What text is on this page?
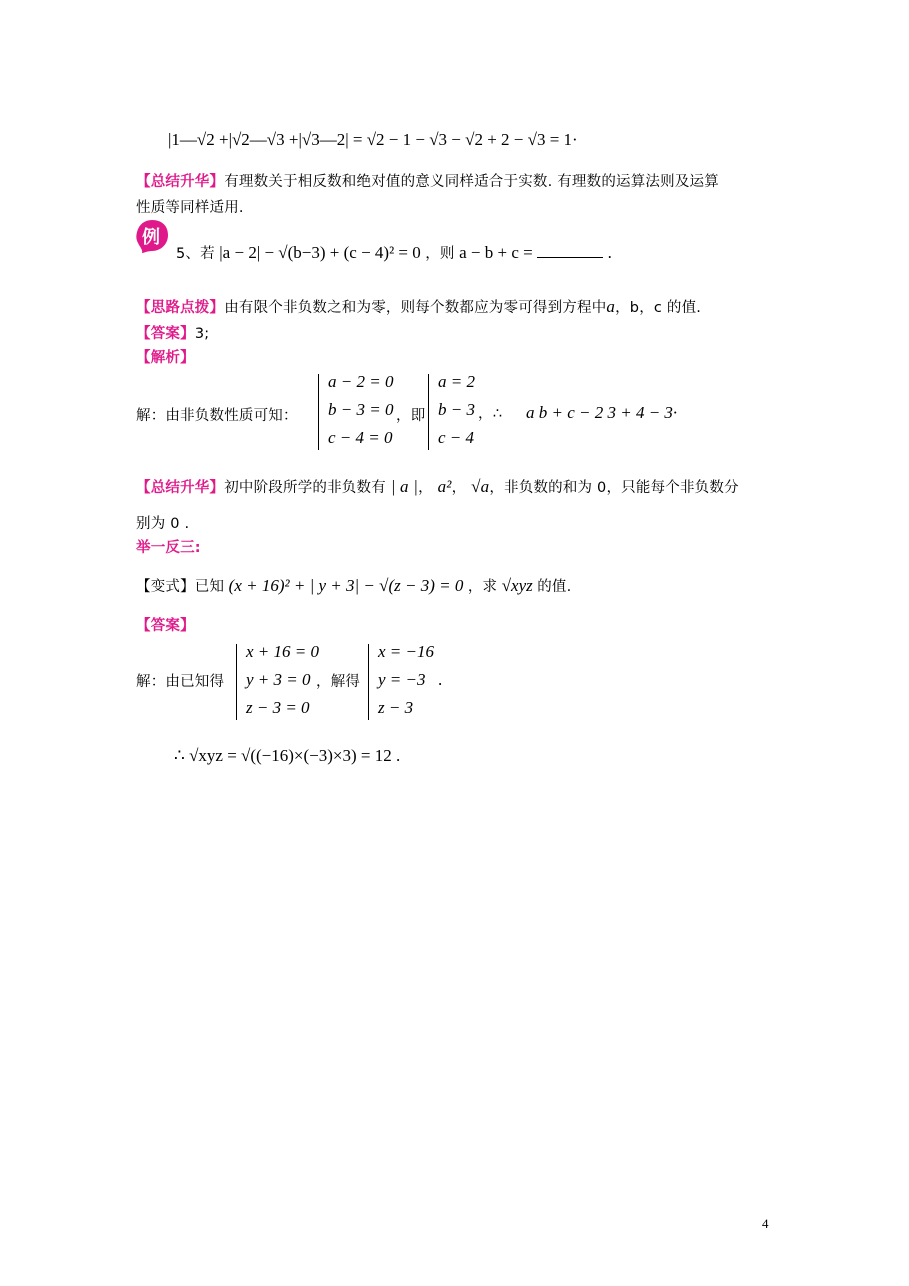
|1—√2 +|√2—√3 +|√3—2| = √2 − 1 − √3 − √2 + 2 − √3 = 1·
【总结升华】有理数关于相反数和绝对值的意义同样适合于实数. 有理数的运算法则及运算
性质等同样适用.
例
5、若 |a − 2| − √(b−3) + (c − 4)² = 0 ，则 a − b + c =	.
【思路点拨】由有限个非负数之和为零，则每个数都应为零可得到方程中a，b，c 的值.
【答案】3;
【解析】
解：由非负数性质可知：
a − 2 = 0
b − 3 = 0
c − 4 = 0
，即
a = 2
b − 3
c − 4
，∴ a b + c − 2 3 + 4 − 3·
【总结升华】初中阶段所学的非负数有 | a |， a²， √a，非负数的和为 0，只能每个非负数分
别为 0 .
举一反三:
【变式】已知 (x + 16)² + | y + 3| − √(z − 3) = 0 ，求 √xyz 的值.
【答案】
解：由已知得
x + 16 = 0
y + 3 = 0
z − 3 = 0
，解得
x = −16
y = −3
z − 3
.
∴ √xyz = √((−16)×(−3)×3) = 12 .
4
